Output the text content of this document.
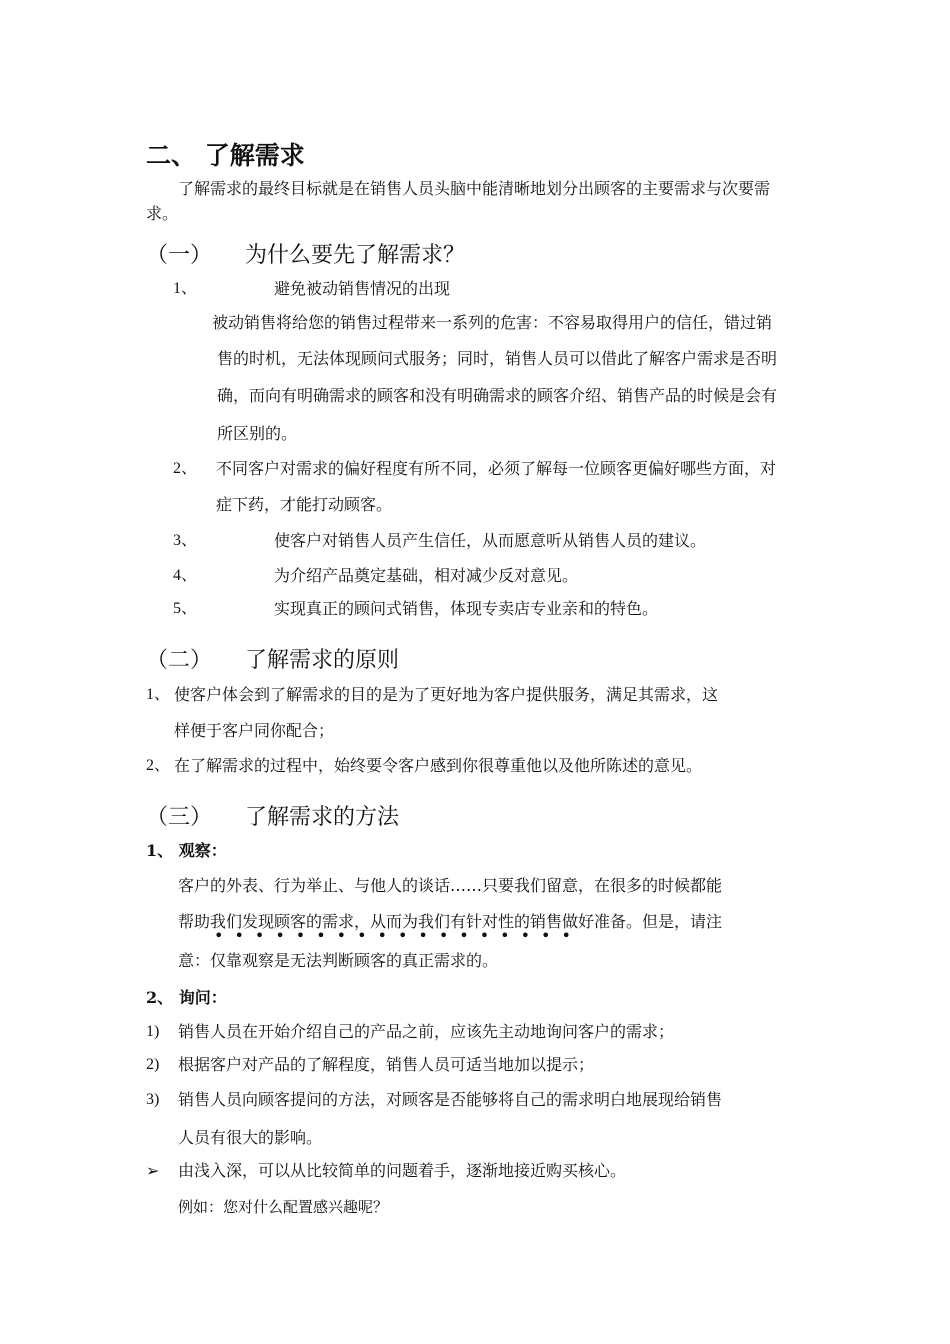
二、 了解需求
了解需求的最终目标就是在销售人员头脑中能清晰地划分出顾客的主要需求与次要需
求。
（一） 为什么要先了解需求？
1、	避免被动销售情况的出现
被动销售将给您的销售过程带来一系列的危害：不容易取得用户的信任，错过销
售的时机，无法体现顾问式服务；同时，销售人员可以借此了解客户需求是否明
确，而向有明确需求的顾客和没有明确需求的顾客介绍、销售产品的时候是会有
所区别的。
2、 不同客户对需求的偏好程度有所不同，必须了解每一位顾客更偏好哪些方面，对
症下药，才能打动顾客。
3、	使客户对销售人员产生信任，从而愿意听从销售人员的建议。
4、	为介绍产品奠定基础，相对减少反对意见。
5、	实现真正的顾问式销售，体现专卖店专业亲和的特色。
（二） 了解需求的原则
1、 使客户体会到了解需求的目的是为了更好地为客户提供服务，满足其需求，这
样便于客户同你配合；
2、 在了解需求的过程中，始终要令客户感到你很尊重他以及他所陈述的意见。
（三） 了解需求的方法
1、 观察：
客户的外表、行为举止、与他人的谈话……只要我们留意，在很多的时候都能
帮助我们发现顾客的需求，从而为我们有针对性的销售做好准备。但是，请注
••••••••••••••••••
意：仅靠观察是无法判断顾客的真正需求的。
2、 询问：
1) 销售人员在开始介绍自己的产品之前，应该先主动地询问客户的需求；
2) 根据客户对产品的了解程度，销售人员可适当地加以提示；
3) 销售人员向顾客提问的方法，对顾客是否能够将自己的需求明白地展现给销售
人员有很大的影响。
➢ 由浅入深，可以从比较简单的问题着手，逐渐地接近购买核心。
例如：您对什么配置感兴趣呢？
